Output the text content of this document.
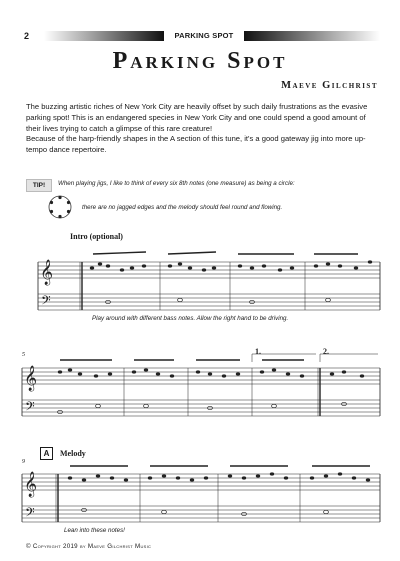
2	PARKING SPOT
Parking Spot
Maeve Gilchrist

The buzzing artistic riches of New York City are heavily offset by such daily frustrations as the evasive parking spot! This is an endangered species in New York City and one could spend a good amount of their lives trying to catch a glimpse of this rare creature!

Because of the harp-friendly shapes in the A section of this tune, it's a good gateway jig into more up-tempo dance repertoire.

TIP!	When playing jigs, I like to think of every six 8th notes (one measure) as being a circle:
there are no jagged edges and the melody should feel round and flowing.
𝄞
𝄢
𝄞
𝄢
𝄞
𝄢
Intro (optional)
Play around with different bass notes. Allow the right hand to be driving.
5	1.	2.
A	Melody
9
Lean into these notes!
© Copyright 2019 by Maeve Gilchrist Music
